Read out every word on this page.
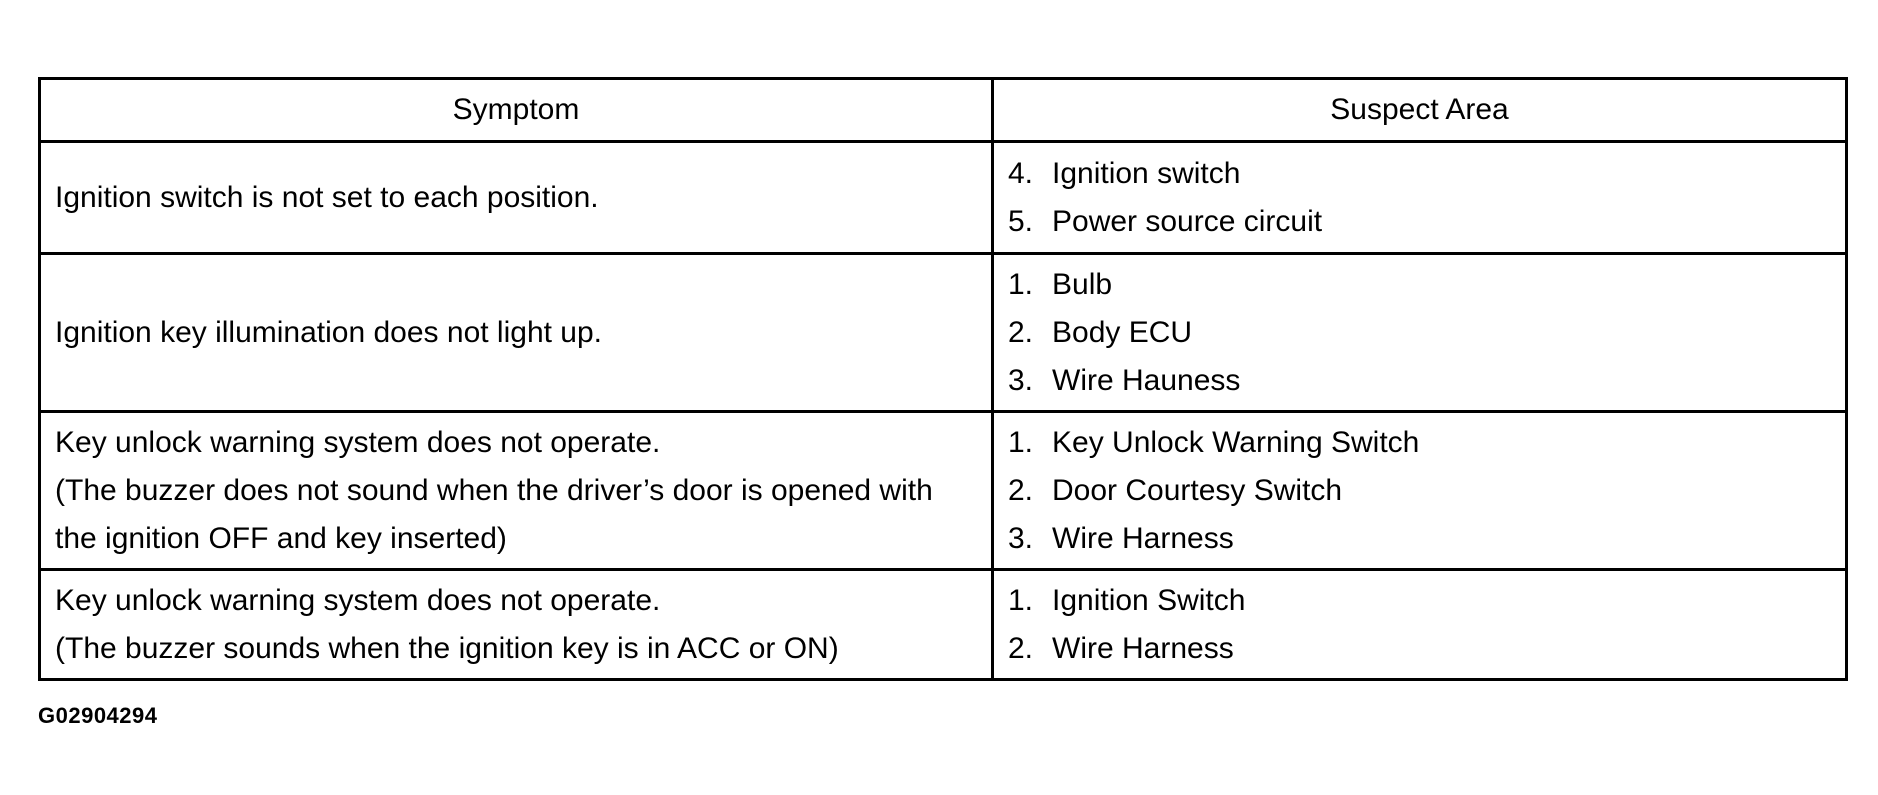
Symptom	Suspect Area

Ignition switch is not set to each position.	4. Ignition switch
5. Power source circuit

Ignition key illumination does not light up.	1. Bulb
2. Body ECU
3. Wire Hauness

Key unlock warning system does not operate.
(The buzzer does not sound when the driver’s door is opened with
the ignition OFF and key inserted)	1. Key Unlock Warning Switch
2. Door Courtesy Switch
3. Wire Harness

Key unlock warning system does not operate.
(The buzzer sounds when the ignition key is in ACC or ON)	1. Ignition Switch
2. Wire Harness
G02904294
